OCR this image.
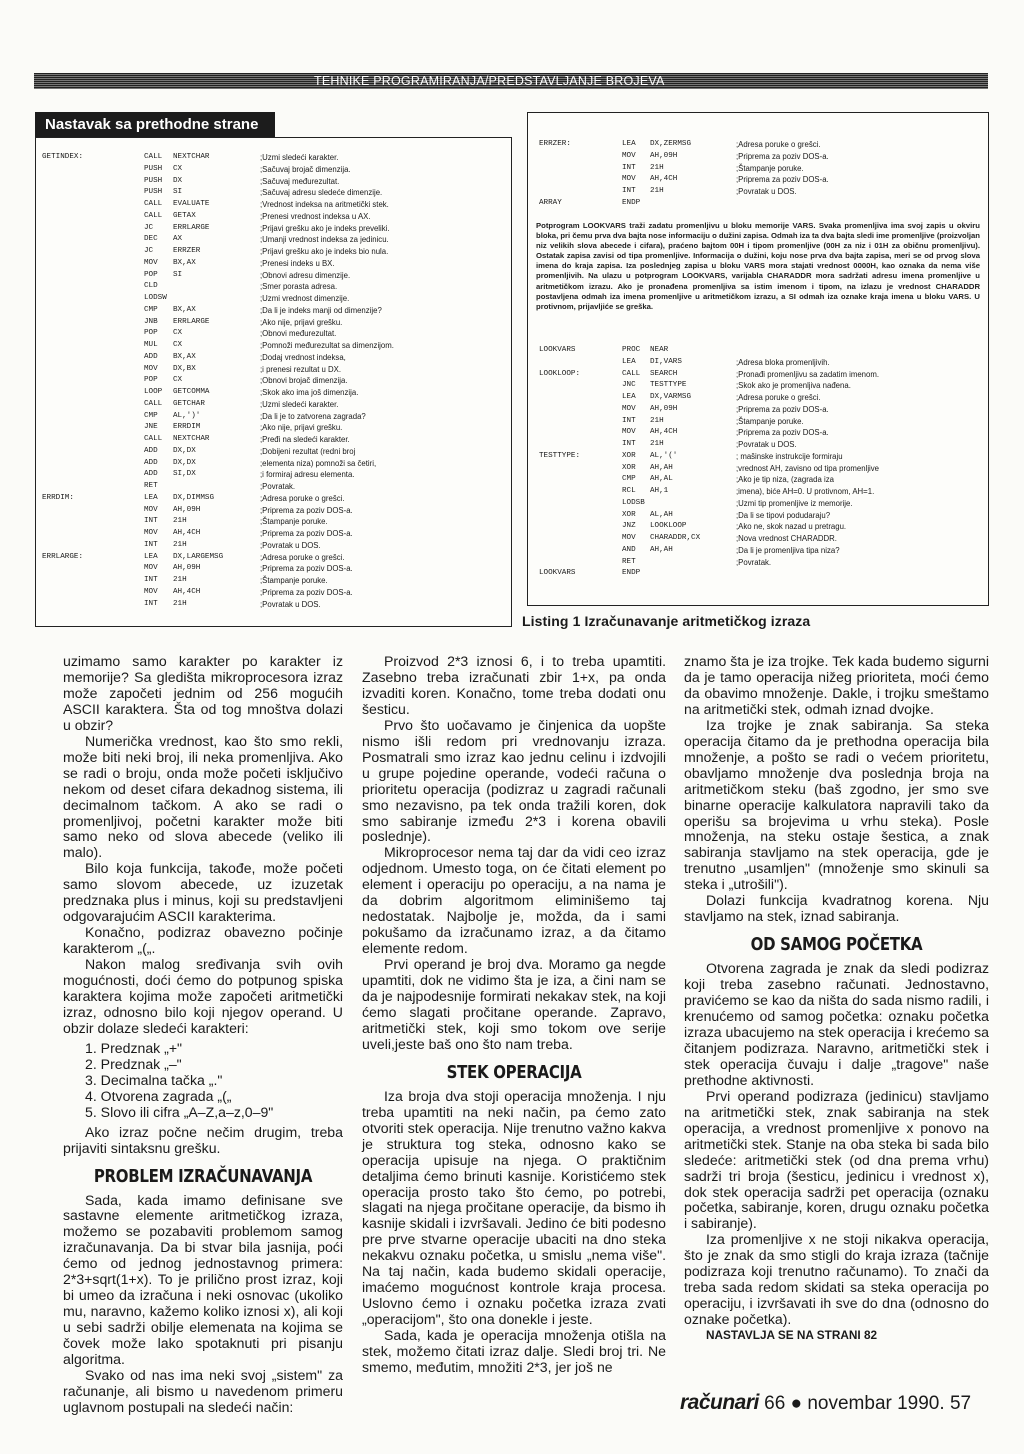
TEHNIKE PROGRAMIRANJA/PREDSTAVLJANJE BROJEVA
Nastavak sa prethodne strane
GETINDEX:	CALL NEXTCHAR	;Uzmi sledeći karakter.
PUSH CX	;Sačuvaj brojač dimenzija.
PUSH DX	;Sačuvaj međurezultat.
PUSH SI	;Sačuvaj adresu sledeće dimenzije.
CALL EVALUATE	;Vrednost indeksa na aritmetički stek.
CALL GETAX	;Prenesi vrednost indeksa u AX.
JC	ERRLARGE	;Prijavi grešku ako je indeks preveliki.
DEC AX	;Umanji vrednost indeksa za jedinicu.
JC	ERRZER	;Prijavi grešku ako je indeks bio nula.
MOV BX,AX	;Prenesi indeks u BX.
POP SI	;Obnovi adresu dimenzije.
CLD	;Smer porasta adresa.
LODSW	;Uzmi vrednost dimenzije.
CMP BX,AX	;Da li je indeks manji od dimenzije?
JNB ERRLARGE	;Ako nije, prijavi grešku.
POP CX	;Obnovi međurezultat.
MUL CX	;Pomnoži međurezultat sa dimenzijom.
ADD BX,AX	;Dodaj vrednost indeksa,
MOV DX,BX	;i prenesi rezultat u DX.
POP CX	;Obnovi brojač dimenzija.
LOOP GETCOMMA	;Skok ako ima još dimenzija.
CALL GETCHAR	;Uzmi sledeći karakter.
CMP AL,')'	;Da li je to zatvorena zagrada?
JNE ERRDIM	;Ako nije, prijavi grešku.
CALL NEXTCHAR	;Pređi na sledeći karakter.
ADD DX,DX	;Dobijeni rezultat (redni broj
ADD DX,DX	;elementa niza) pomnoži sa četiri,
ADD SI,DX	;i formiraj adresu elementa.
RET	;Povratak.
ERRDIM:	LEA DX,DIMMSG	;Adresa poruke o grešci.
MOV AH,09H	;Priprema za poziv DOS-a.
INT 21H	;Štampanje poruke.
MOV AH,4CH	;Priprema za poziv DOS-a.
INT 21H	;Povratak u DOS.
ERRLARGE:	LEA DX,LARGEMSG	;Adresa poruke o grešci.
MOV AH,09H	;Priprema za poziv DOS-a.
INT 21H	;Štampanje poruke.
MOV AH,4CH	;Priprema za poziv DOS-a.
INT 21H	;Povratak u DOS.
ERRZER:	LEA DX,ZERMSG	;Adresa poruke o grešci.
MOV AH,09H	;Priprema za poziv DOS-a.
INT 21H	;Štampanje poruke.
MOV AH,4CH	;Priprema za poziv DOS-a.
INT 21H	;Povratak u DOS.
ARRAY	ENDP
Potprogram LOOKVARS traži zadatu promenljivu u bloku memorije VARS. Svaka promenljiva ima svoj zapis u okviru bloka, pri čemu prva dva bajta nose informaciju o dužini zapisa. Odmah iza ta dva bajta sledi ime promenljive (proizvoljan niz velikih slova abecede i cifara), praćeno bajtom 00H i tipom promenljive (00H za niz i 01H za običnu promenljivu). Ostatak zapisa zavisi od tipa promenljive. Informacija o dužini, koju nose prva dva bajta zapisa, meri se od prvog slova imena do kraja zapisa. Iza poslednjeg zapisa u bloku VARS mora stajati vrednost 0000H, kao oznaka da nema više promenljivih. Na ulazu u potprogram LOOKVARS, varijabla CHARADDR mora sadržati adresu imena promenljive u aritmetičkom izrazu. Ako je pronađena promenljiva sa istim imenom i tipom, na izlazu je vrednost CHARADDR postavljena odmah iza imena promenljive u aritmetičkom izrazu, a SI odmah iza oznake kraja imena u bloku VARS. U protivnom, prijavljiće se greška.
LOOKVARS	PROC NEAR
LEA DI,VARS	;Adresa bloka promenljivih.
LOOKLOOP:	CALL SEARCH	;Pronađi promenljivu sa zadatim imenom.
JNC TESTTYPE	;Skok ako je promenljiva nađena.
LEA DX,VARMSG	;Adresa poruke o grešci.
MOV AH,09H	;Priprema za poziv DOS-a.
INT 21H	;Štampanje poruke.
MOV AH,4CH	;Priprema za poziv DOS-a.
INT 21H	;Povratak u DOS.
TESTTYPE:	XOR AL,'('	; mašinske instrukcije formiraju
XOR AH,AH	;vrednost AH, zavisno od tipa promenljive
CMP AH,AL	;Ako je tip niza, (zagrada iza
RCL AH,1	;imena), biće AH=0. U protivnom, AH=1.
LODSB	;Uzmi tip promenljive iz memorije.
XOR AL,AH	;Da li se tipovi podudaraju?
JNZ LOOKLOOP	;Ako ne, skok nazad u pretragu.
MOV CHARADDR,CX	;Nova vrednost CHARADDR.
AND AH,AH	;Da li je promenljiva tipa niza?
RET	;Povratak.
LOOKVARS	ENDP
Listing 1 Izračunavanje aritmetičkog izraza

uzimamo samo karakter po karakter iz memorije? Sa gledišta mikroprocesora izraz može započeti jednim od 256 mogućih ASCII karaktera. Šta od tog mnoštva dolazi u obzir?

Numerička vrednost, kao što smo rekli, može biti neki broj, ili neka promenljiva. Ako se radi o broju, onda može početi isključivo nekom od deset cifara dekadnog sistema, ili decimalnom tačkom. A ako se radi o promenljivoj, početni karakter može biti samo neko od slova abecede (veliko ili malo).

Bilo koja funkcija, takođe, može početi samo slovom abecede, uz izuzetak predznaka plus i minus, koji su predstavljeni odgovarajućim ASCII karakterima.

Konačno, podizraz obavezno počinje karakterom „(„.

Nakon malog sređivanja svih ovih mogućnosti, doći ćemo do potpunog spiska karaktera kojima može započeti aritmetički izraz, odnosno bilo koji njegov operand. U obzir dolaze sledeći karakteri:

1. Predznak „+"
2. Predznak „–"
3. Decimalna tačka „."
4. Otvorena zagrada „(„
5. Slovo ili cifra „A–Z,a–z,0–9"

Ako izraz počne nečim drugim, treba prijaviti sintaksnu grešku.

PROBLEM IZRAČUNAVANJA

Sada, kada imamo definisane sve sastavne elemente aritmetičkog izraza, možemo se pozabaviti problemom samog izračunavanja. Da bi stvar bila jasnija, poći ćemo od jednog jednostavnog primera: 2*3+sqrt(1+x). To je prilično prost izraz, koji bi umeo da izračuna i neki osnovac (ukoliko mu, naravno, kažemo koliko iznosi x), ali koji u sebi sadrži obilje elemenata na kojima se čovek može lako spotaknuti pri pisanju algoritma.

Svako od nas ima neki svoj „sistem" za računanje, ali bismo u navedenom primeru uglavnom postupali na sledeći način:

Proizvod 2*3 iznosi 6, i to treba upamtiti. Zasebno treba izračunati zbir 1+x, pa onda izvaditi koren. Konačno, tome treba dodati onu šesticu.

Prvo što uočavamo je činjenica da uopšte nismo išli redom pri vrednovanju izraza. Posmatrali smo izraz kao jednu celinu i izdvojili u grupe pojedine operande, vodeći računa o prioritetu operacija (podizraz u zagradi računali smo nezavisno, pa tek onda tražili koren, dok smo sabiranje između 2*3 i korena obavili poslednje).

Mikroprocesor nema taj dar da vidi ceo izraz odjednom. Umesto toga, on će čitati element po element i operaciju po operaciju, a na nama je da dobrim algoritmom eliminišemo taj nedostatak. Najbolje je, možda, da i sami pokušamo da izračunamo izraz, a da čitamo elemente redom.

Prvi operand je broj dva. Moramo ga negde upamtiti, dok ne vidimo šta je iza, a čini nam se da je najpodesnije formirati nekakav stek, na koji ćemo slagati pročitane operande. Zapravo, aritmetički stek, koji smo tokom ove serije uveli,jeste baš ono što nam treba.

STEK OPERACIJA

Iza broja dva stoji operacija množenja. I nju treba upamtiti na neki način, pa ćemo zato otvoriti stek operacija. Nije trenutno važno kakva je struktura tog steka, odnosno kako se operacija upisuje na njega. O praktičnim detaljima ćemo brinuti kasnije. Koristićemo stek operacija prosto tako što ćemo, po potrebi, slagati na njega pročitane operacije, da bismo ih kasnije skidali i izvršavali. Jedino će biti podesno pre prve stvarne operacije ubaciti na dno steka nekakvu oznaku početka, u smislu „nema više". Na taj način, kada budemo skidali operacije, imaćemo mogućnost kontrole kraja procesa. Uslovno ćemo i oznaku početka izraza zvati „operacijom", što ona donekle i jeste.

Sada, kada je operacija množenja otišla na stek, možemo čitati izraz dalje. Sledi broj tri. Ne smemo, međutim, množiti 2*3, jer još ne

znamo šta je iza trojke. Tek kada budemo sigurni da je tamo operacija nižeg prioriteta, moći ćemo da obavimo množenje. Dakle, i trojku smeštamo na aritmetički stek, odmah iznad dvojke.

Iza trojke je znak sabiranja. Sa steka operacija čitamo da je prethodna operacija bila množenje, a pošto se radi o većem prioritetu, obavljamo množenje dva poslednja broja na aritmetičkom steku (baš zgodno, jer smo sve binarne operacije kalkulatora napravili tako da operišu sa brojevima u vrhu steka). Posle množenja, na steku ostaje šestica, a znak sabiranja stavljamo na stek operacija, gde je trenutno „usamljen" (množenje smo skinuli sa steka i „utrošili").

Dolazi funkcija kvadratnog korena. Nju stavljamo na stek, iznad sabiranja.

OD SAMOG POČETKA

Otvorena zagrada je znak da sledi podizraz koji treba zasebno računati. Jednostavno, pravićemo se kao da ništa do sada nismo radili, i krenućemo od samog početka: oznaku početka izraza ubacujemo na stek operacija i krećemo sa čitanjem podizraza. Naravno, aritmetički stek i stek operacija čuvaju i dalje „tragove" naše prethodne aktivnosti.

Prvi operand podizraza (jedinicu) stavljamo na aritmetički stek, znak sabiranja na stek operacija, a vrednost promenljive x ponovo na aritmetički stek. Stanje na oba steka bi sada bilo sledeće: aritmetički stek (od dna prema vrhu) sadrži tri broja (šesticu, jedinicu i vrednost x), dok stek operacija sadrži pet operacija (oznaku početka, sabiranje, koren, drugu oznaku početka i sabiranje).

Iza promenljive x ne stoji nikakva operacija, što je znak da smo stigli do kraja izraza (tačnije podizraza koji trenutno računamo). To znači da treba sada redom skidati sa steka operacija po operaciju, i izvršavati ih sve do dna (odnosno do oznake početka).

NASTAVLJA SE NA STRANI 82

računari 66 ● novembar 1990. 57
